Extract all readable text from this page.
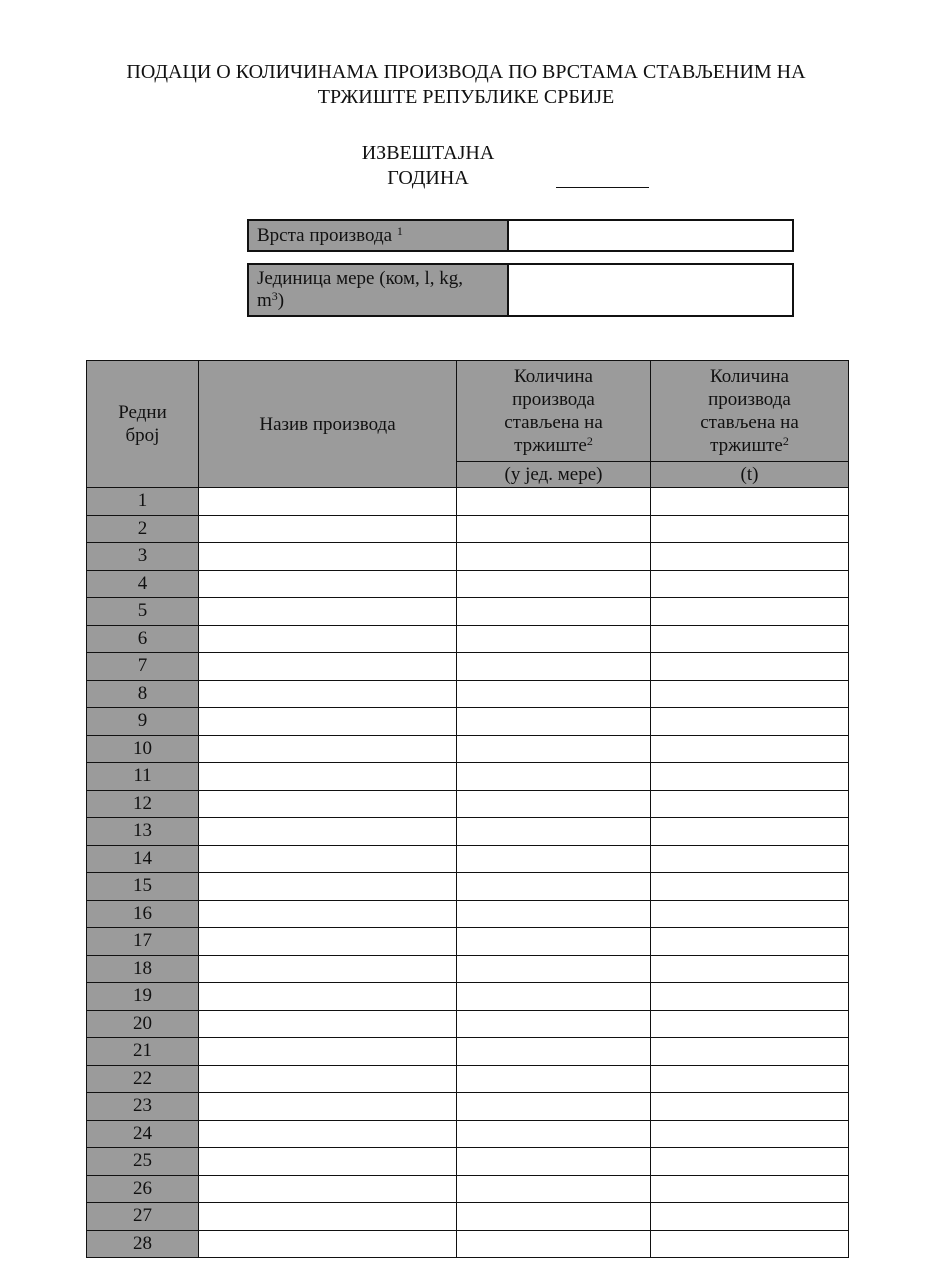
ПОДАЦИ О КОЛИЧИНАМА ПРОИЗВОДА ПО ВРСТАМА СТАВЉЕНИМ НА
ТРЖИШТЕ РЕПУБЛИКЕ СРБИЈЕ
ИЗВЕШТАЈНА
ГОДИНА
Врста производа $^1$	
Јединица мере (ком, l, kg,
$m^3$)	
Редни број	Назив производа	Количина
производа
стављена на
тржиште$^2$	Количина
производа
стављена на
тржиште$^2$
		(у јед. мере)	(t)
1			
2			
3			
4			
5			
6			
7			
8			
9			
10			
11			
12			
13			
14			
15			
16			
17			
18			
19			
20			
21			
22			
23			
24			
25			
26			
27			
28			
